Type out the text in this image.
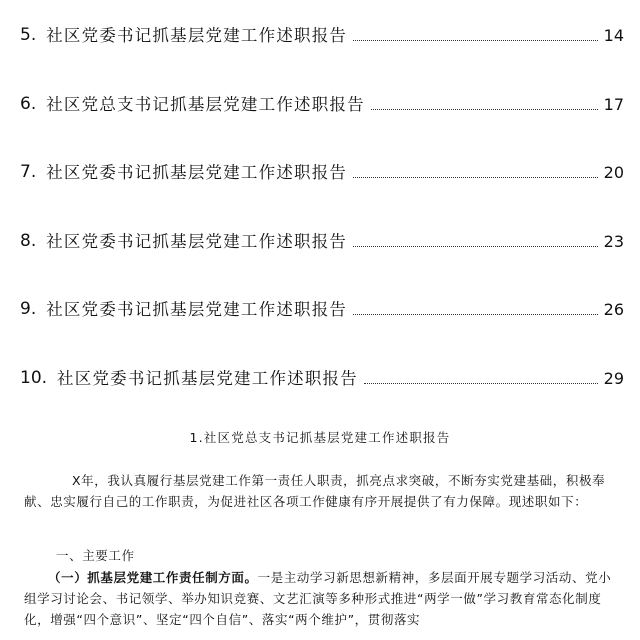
5. 社区党委书记抓基层党建工作述职报告	14
6. 社区党总支书记抓基层党建工作述职报告	17
7. 社区党委书记抓基层党建工作述职报告	20
8. 社区党委书记抓基层党建工作述职报告	23
9. 社区党委书记抓基层党建工作述职报告	26
10. 社区党委书记抓基层党建工作述职报告	29
1.社区党总支书记抓基层党建工作述职报告
X年，我认真履行基层党建工作第一责任人职责，抓亮点求突破，不断夯实党建基础，积极奉献、忠实履行自己的工作职责，为促进社区各项工作健康有序开展提供了有力保障。现述职如下：
一、主要工作
（一）抓基层党建工作责任制方面。一是主动学习新思想新精神，多层面开展专题学习活动、党小组学习讨论会、书记领学、举办知识竞赛、文艺汇演等多种形式推进“两学一做”学习教育常态化制度化，增强“四个意识”、坚定“四个自信”、落实“两个维护”，贯彻落实
